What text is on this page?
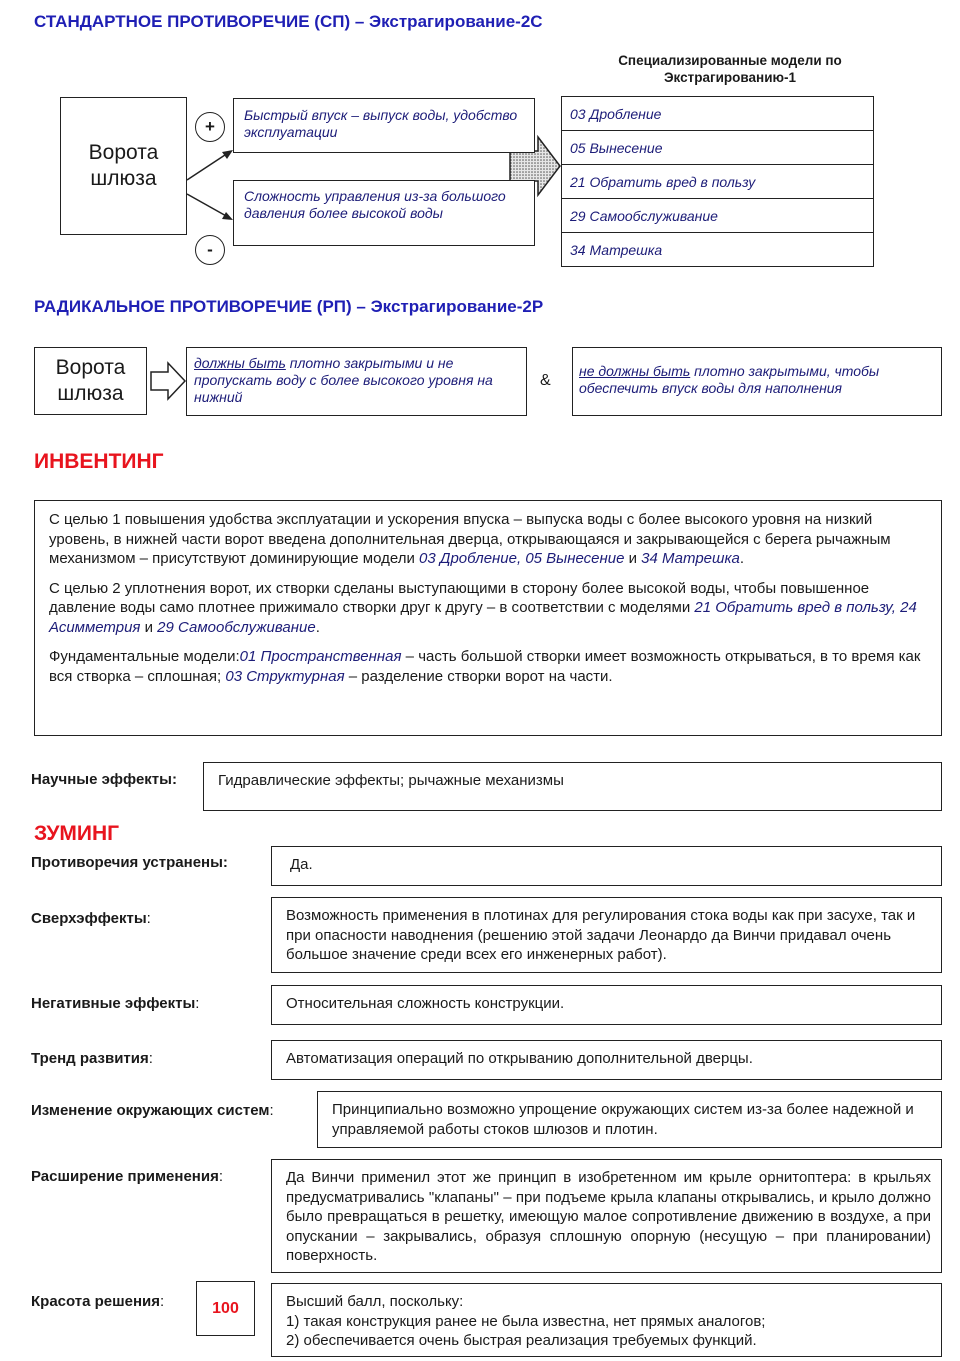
СТАНДАРТНОЕ ПРОТИВОРЕЧИЕ (СП) – Экстрагирование-2С
Ворота шлюза
+
-
Быстрый впуск – выпуск воды, удобство эксплуатации
Сложность управления из-за большого давления более высокой воды
Специализированные модели по Экстрагированию-1
03 Дробление
05 Вынесение
21 Обратить вред в пользу
29 Самообслуживание
34 Матрешка
РАДИКАЛЬНОЕ ПРОТИВОРЕЧИЕ (РП) – Экстрагирование-2Р
Ворота шлюза
должны быть плотно закрытыми и не пропускать воду с более высокого уровня на нижний
&
не должны быть плотно закрытыми, чтобы обеспечить впуск воды для наполнения
ИНВЕНТИНГ

С целью 1 повышения удобства эксплуатации и ускорения впуска – выпуска воды с более высокого уровня на низкий уровень, в нижней части ворот введена дополнительная дверца, открывающаяся и закрывающейся с берега рычажным механизмом – присутствуют доминирующие модели 03 Дробление, 05 Вынесение и 34 Матрешка.

С целью 2 уплотнения ворот, их створки сделаны выступающими в сторону более высокой воды, чтобы повышенное давление воды само плотнее прижимало створки друг к другу – в соответствии с моделями 21 Обратить вред в пользу, 24 Асимметрия и 29 Самообслуживание.

Фундаментальные модели:01 Пространственная – часть большой створки имеет возможность открываться, в то время как вся створка – сплошная; 03 Структурная – разделение створки ворот на части.

Научные эффекты:	Гидравлические эффекты; рычажные механизмы
ЗУМИНГ
Противоречия устранены:	Да.
Сверхэффекты:	Возможность применения в плотинах для регулирования стока воды как при засухе, так и при опасности наводнения (решению этой задачи Леонардо да Винчи придавал очень большое значение среди всех его инженерных работ).
Негативные эффекты:	Относительная сложность конструкции.
Тренд развития:	Автоматизация операций по открыванию дополнительной дверцы.
Изменение окружающих систем:	Принципиально возможно упрощение окружающих систем из-за более надежной и управляемой работы стоков шлюзов и плотин.
Расширение применения:	Да Винчи применил этот же принцип в изобретенном им крыле орнитоптера: в крыльях предусматривались "клапаны" – при подъеме крыла клапаны открывались, и крыло должно было превращаться в решетку, имеющую малое сопротивление движению в воздухе, а при опускании – закрывались, образуя сплошную опорную (несущую – при планировании) поверхность.
Красота решения:	100	Высший балл, поскольку:
1) такая конструкция ранее не была известна, нет прямых аналогов;
2) обеспечивается очень быстрая реализация требуемых функций.
